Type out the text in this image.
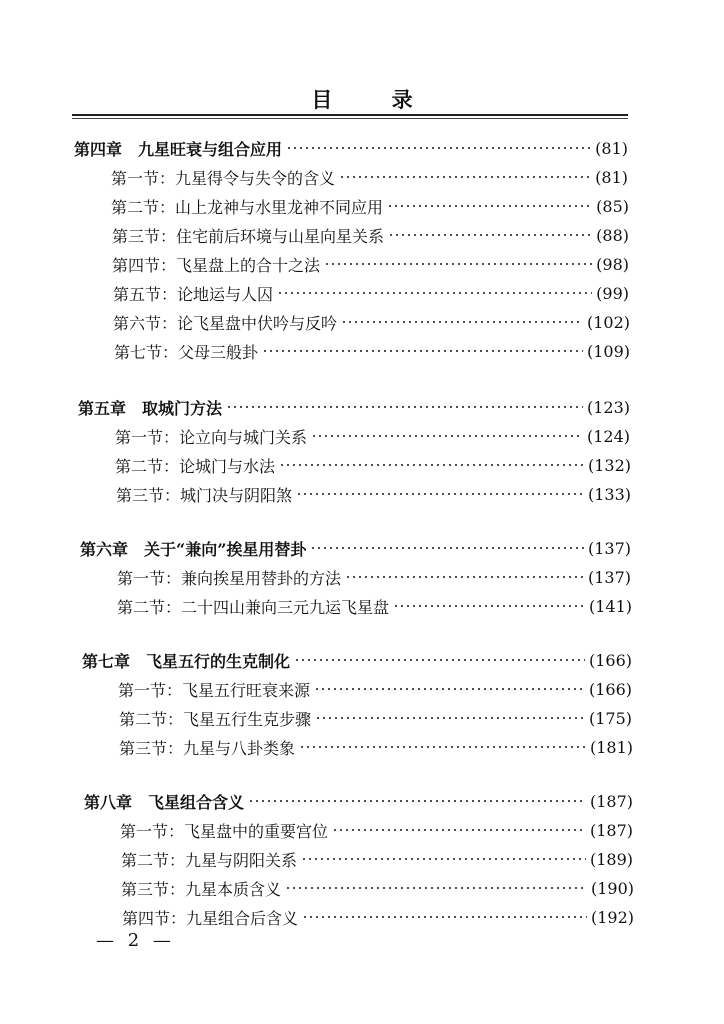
目 录
第四章　九星旺衰与组合应用	(81)
第一节：九星得令与失令的含义	(81)
第二节：山上龙神与水里龙神不同应用	(85)
第三节：住宅前后环境与山星向星关系	(88)
第四节：飞星盘上的合十之法	(98)
第五节：论地运与人囚	(99)
第六节：论飞星盘中伏吟与反吟	(102)
第七节：父母三般卦	(109)
第五章　取城门方法	(123)
第一节：论立向与城门关系	(124)
第二节：论城门与水法	(132)
第三节：城门决与阴阳煞	(133)
第六章　关于“兼向”挨星用替卦	(137)
第一节：兼向挨星用替卦的方法	(137)
第二节：二十四山兼向三元九运飞星盘	(141)
第七章　飞星五行的生克制化	(166)
第一节：飞星五行旺衰来源	(166)
第二节：飞星五行生克步骤	(175)
第三节：九星与八卦类象	(181)
第八章　飞星组合含义	(187)
第一节：飞星盘中的重要宫位	(187)
第二节：九星与阴阳关系	(189)
第三节：九星本质含义	(190)
第四节：九星组合后含义	(192)
— 2 —
